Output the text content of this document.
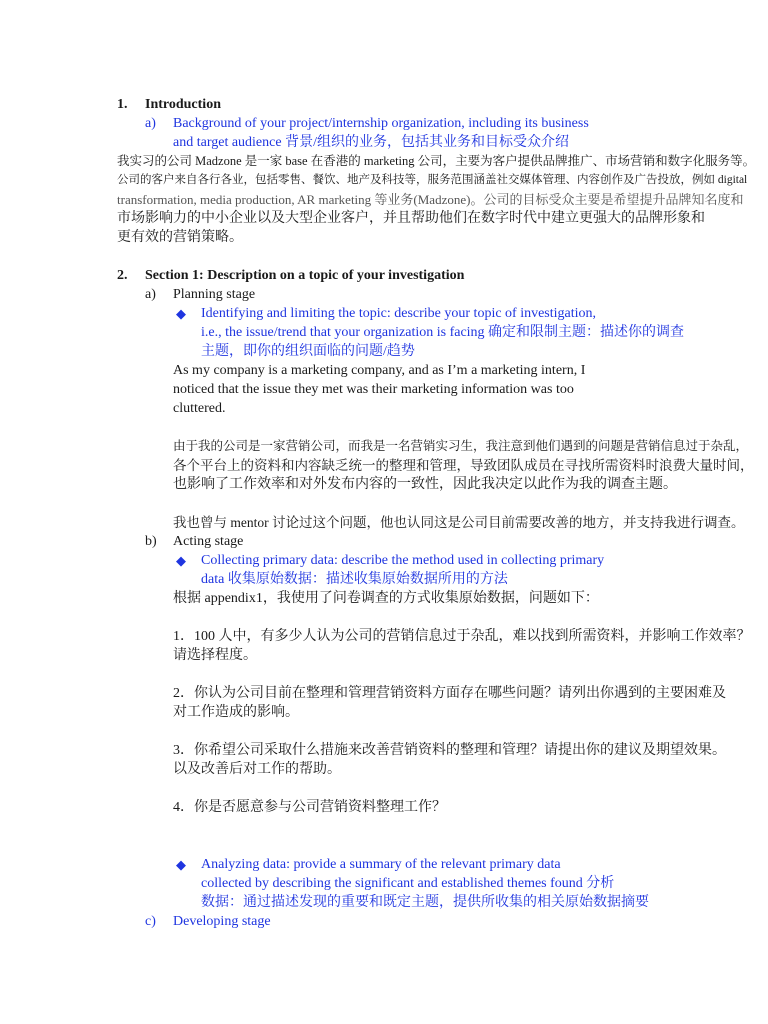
1. Introduction
a) Background of your project/internship organization, including its business
and target audience 背景/组织的业务，包括其业务和目标受众介绍
我实习的公司 Madzone 是一家 base 在香港的 marketing 公司，主要为客户提供品牌推广、市场营销和数字化服务等。
公司的客户来自各行各业，包括零售、餐饮、地产及科技等，服务范围涵盖社交媒体管理、内容创作及广告投放，例如 digital
transformation, media production, AR marketing 等业务(Madzone)。公司的目标受众主要是希望提升品牌知名度和
市场影响力的中小企业以及大型企业客户，并且帮助他们在数字时代中建立更强大的品牌形象和
更有效的营销策略。
2. Section 1: Description on a topic of your investigation
a) Planning stage
◆ Identifying and limiting the topic: describe your topic of investigation,
i.e., the issue/trend that your organization is facing 确定和限制主题：描述你的调查
主题，即你的组织面临的问题/趋势
As my company is a marketing company, and as I’m a marketing intern, I
noticed that the issue they met was their marketing information was too
cluttered.
由于我的公司是一家营销公司，而我是一名营销实习生，我注意到他们遇到的问题是营销信息过于杂乱，
各个平台上的资料和内容缺乏统一的整理和管理，导致团队成员在寻找所需资料时浪费大量时间，
也影响了工作效率和对外发布内容的一致性，因此我决定以此作为我的调查主题。
我也曾与 mentor 讨论过这个问题，他也认同这是公司目前需要改善的地方，并支持我进行调查。
b) Acting stage
◆ Collecting primary data: describe the method used in collecting primary
data 收集原始数据：描述收集原始数据所用的方法
根据 appendix1，我使用了问卷调查的方式收集原始数据，问题如下：
1．100 人中，有多少人认为公司的营销信息过于杂乱，难以找到所需资料，并影响工作效率？
请选择程度。
2．你认为公司目前在整理和管理营销资料方面存在哪些问题？请列出你遇到的主要困难及
对工作造成的影响。
3．你希望公司采取什么措施来改善营销资料的整理和管理？请提出你的建议及期望效果。
以及改善后对工作的帮助。
4．你是否愿意参与公司营销资料整理工作？
◆ Analyzing data: provide a summary of the relevant primary data
collected by describing the significant and established themes found 分析
数据：通过描述发现的重要和既定主题，提供所收集的相关原始数据摘要
c) Developing stage
